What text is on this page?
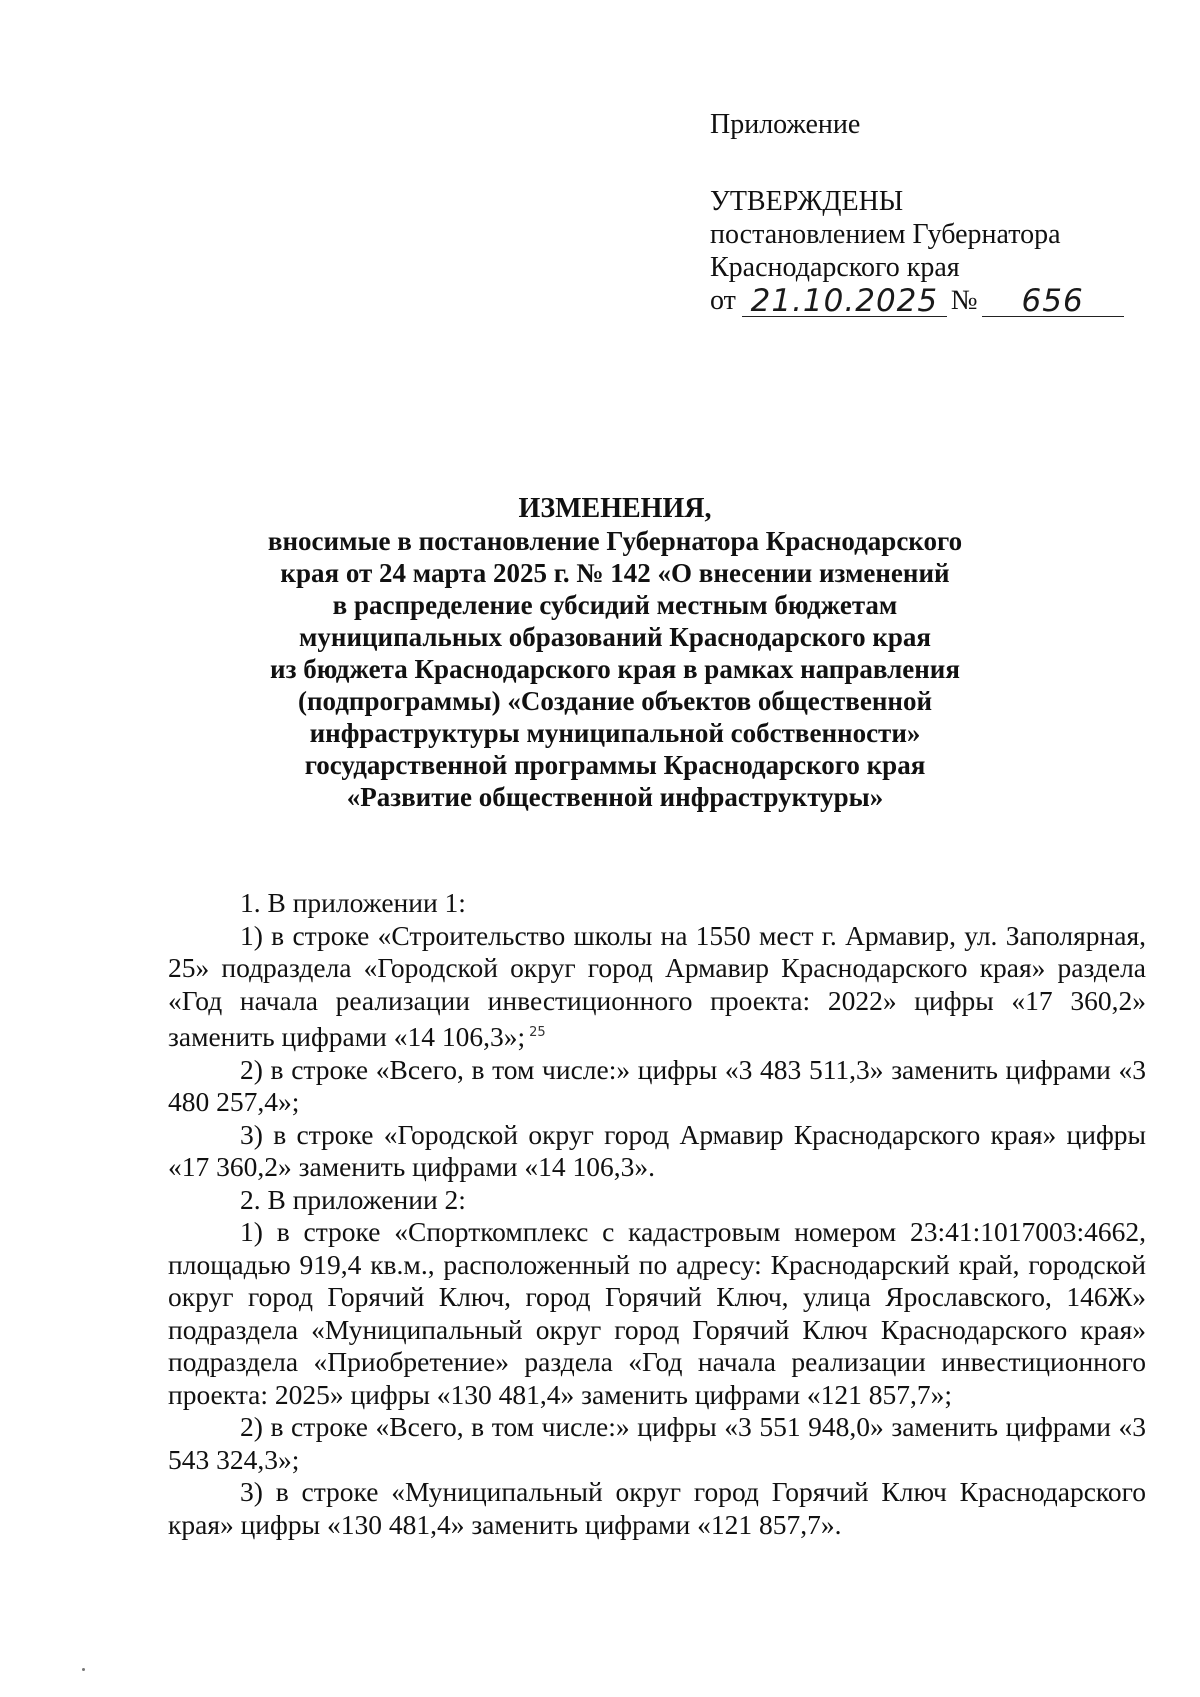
Приложение
УТВЕРЖДЕНЫ
постановлением Губернатора
Краснодарского края
от 21.10.2025 №	656
ИЗМЕНЕНИЯ,
вносимые в постановление Губернатора Краснодарского
края от 24 марта 2025 г. № 142 «О внесении изменений
в распределение субсидий местным бюджетам
муниципальных образований Краснодарского края
из бюджета Краснодарского края в рамках направления
(подпрограммы) «Создание объектов общественной
инфраструктуры муниципальной собственности»
государственной программы Краснодарского края
«Развитие общественной инфраструктуры»

1. В приложении 1:

1) в строке «Строительство школы на 1550 мест г. Армавир, ул. Заполярная, 25» подраздела «Городской округ город Армавир Краснодарского края» раздела «Год начала реализации инвестиционного проекта: 2022» цифры «17 360,2» заменить цифрами «14 106,3»; $^{25}$

2) в строке «Всего, в том числе:» цифры «3 483 511,3» заменить цифрами «3 480 257,4»;

3) в строке «Городской округ город Армавир Краснодарского края» цифры «17 360,2» заменить цифрами «14 106,3».

2. В приложении 2:

1) в строке «Спорткомплекс с кадастровым номером 23:41:1017003:4662, площадью 919,4 кв.м., расположенный по адресу: Краснодарский край, городской округ город Горячий Ключ, город Горячий Ключ, улица Ярославского, 146Ж» подраздела «Муниципальный округ город Горячий Ключ Краснодарского края» подраздела «Приобретение» раздела «Год начала реализации инвестиционного проекта: 2025» цифры «130 481,4» заменить цифрами «121 857,7»;

2) в строке «Всего, в том числе:» цифры «3 551 948,0» заменить цифрами «3 543 324,3»;

3) в строке «Муниципальный округ город Горячий Ключ Краснодарского края» цифры «130 481,4» заменить цифрами «121 857,7».
